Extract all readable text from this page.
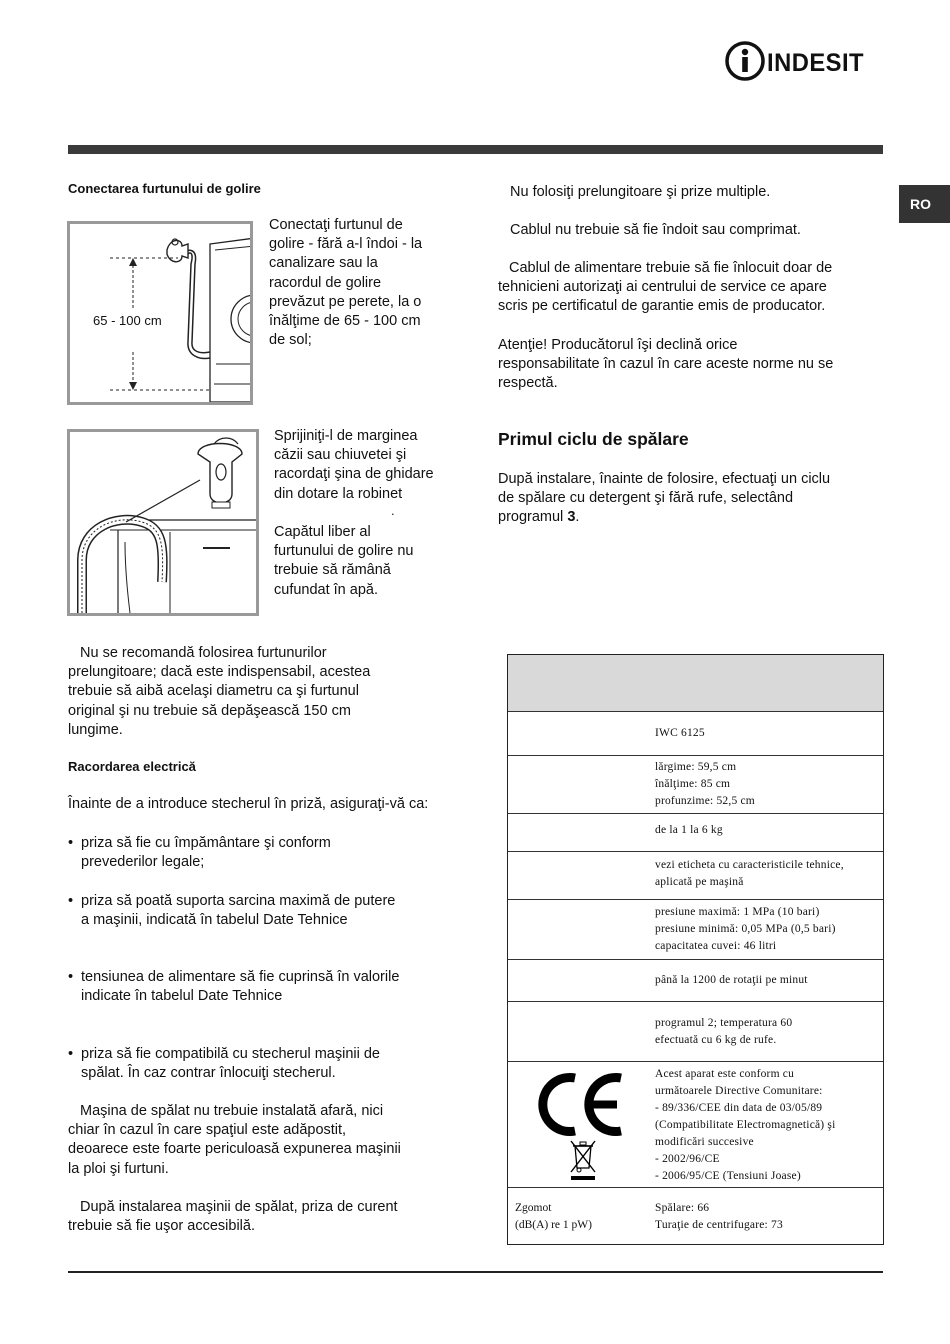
INDESIT
RO
Conectarea furtunului de golire
65 - 100 cm
Conectaţi furtunul de
golire - fără a-l îndoi - la
canalizare sau la
racordul de golire
prevăzut pe perete, la o
înălţime de 65 - 100 cm
de sol;
Sprijiniţi-l de marginea
căzii sau chiuvetei şi
racordaţi şina de ghidare
din dotare la robinet
.
Capătul liber al
furtunului de golire nu
trebuie să rămână
cufundat în apă.
Nu se recomandă folosirea furtunurilor
prelungitoare; dacă este indispensabil, acestea
trebuie să aibă acelaşi diametru ca şi furtunul
original şi nu trebuie să depăşească 150 cm
lungime.
Racordarea electrică
Înainte de a introduce stecherul în priză, asiguraţi-vă ca:
• priza să fie cu împământare şi conform
prevederilor legale;
• priza să poată suporta sarcina maximă de putere
a maşinii, indicată în tabelul Date Tehnice
• tensiunea de alimentare să fie cuprinsă în valorile
indicate în tabelul Date Tehnice
• priza să fie compatibilă cu stecherul maşinii de
spălat. În caz contrar înlocuiţi stecherul.
Maşina de spălat nu trebuie instalată afară, nici
chiar în cazul în care spaţiul este adăpostit,
deoarece este foarte periculoasă expunerea maşinii
la ploi şi furtuni.
După instalarea maşinii de spălat, priza de curent
trebuie să fie uşor accesibilă.
Nu folosiţi prelungitoare şi prize multiple.
Cablul nu trebuie să fie îndoit sau comprimat.
Cablul de alimentare trebuie să fie înlocuit doar de
tehnicieni autorizaţi ai centrului de service ce apare
scris pe certificatul de garantie emis de producator.
Atenţie! Producătorul îşi declină orice
responsabilitate în cazul în care aceste norme nu se
respectă.
Primul ciclu de spălare
După instalare, înainte de folosire, efectuaţi un ciclu
de spălare cu detergent şi fără rufe, selectând
programul 3.
IWC 6125
lărgime: 59,5 cm
înălţime: 85 cm
profunzime: 52,5 cm
de la 1 la 6 kg
vezi eticheta cu caracteristicile tehnice,
aplicată pe maşină
presiune maximă: 1 MPa (10 bari)
presiune minimă: 0,05 MPa (0,5 bari)
capacitatea cuvei: 46 litri
până la 1200 de rotaţii pe minut
programul 2; temperatura 60
efectuată cu 6 kg de rufe.
Acest aparat este conform cu
următoarele Directive Comunitare:
- 89/336/CEE din data de 03/05/89
(Compatibilitate Electromagnetică) şi
modificări succesive
- 2002/96/CE
- 2006/95/CE (Tensiuni Joase)
Zgomot
(dB(A) re 1 pW)
Spălare: 66
Turaţie de centrifugare: 73
